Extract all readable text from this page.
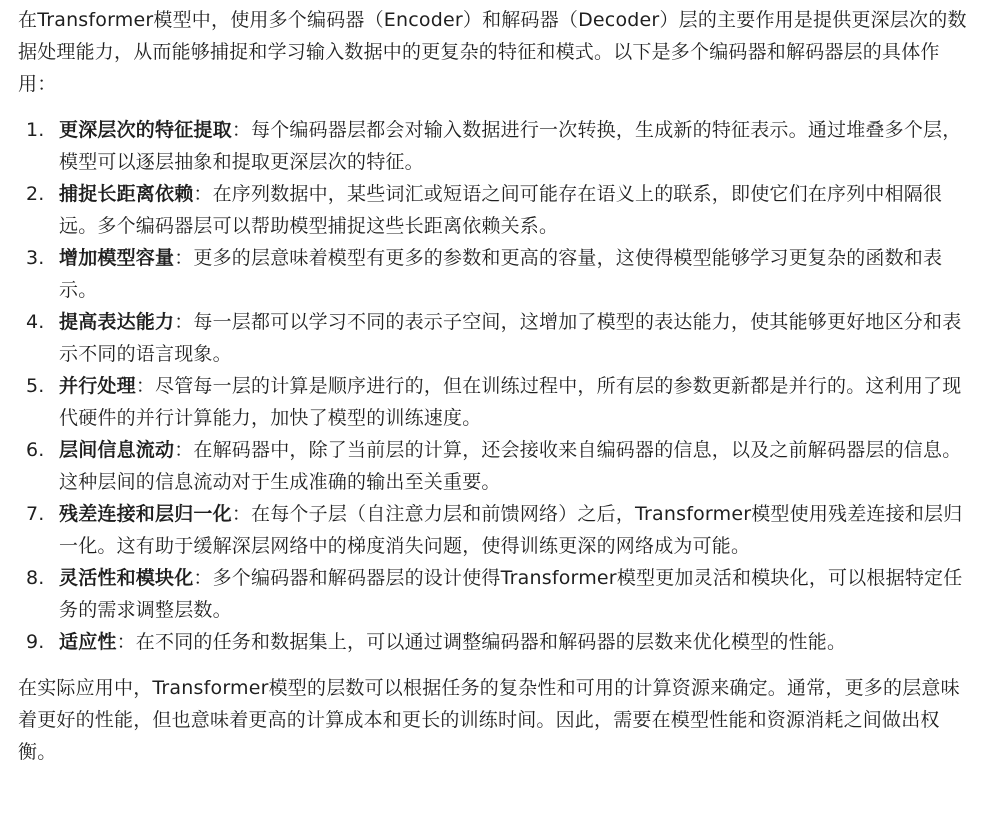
在Transformer模型中，使用多个编码器（Encoder）和解码器（Decoder）层的主要作用是提供更深层次的数据处理能力，从而能够捕捉和学习输入数据中的更复杂的特征和模式。以下是多个编码器和解码器层的具体作用：

1. 更深层次的特征提取：每个编码器层都会对输入数据进行一次转换，生成新的特征表示。通过堆叠多个层，模型可以逐层抽象和提取更深层次的特征。
2. 捕捉长距离依赖：在序列数据中，某些词汇或短语之间可能存在语义上的联系，即使它们在序列中相隔很远。多个编码器层可以帮助模型捕捉这些长距离依赖关系。
3. 增加模型容量：更多的层意味着模型有更多的参数和更高的容量，这使得模型能够学习更复杂的函数和表示。
4. 提高表达能力：每一层都可以学习不同的表示子空间，这增加了模型的表达能力，使其能够更好地区分和表示不同的语言现象。
5. 并行处理：尽管每一层的计算是顺序进行的，但在训练过程中，所有层的参数更新都是并行的。这利用了现代硬件的并行计算能力，加快了模型的训练速度。
6. 层间信息流动：在解码器中，除了当前层的计算，还会接收来自编码器的信息，以及之前解码器层的信息。这种层间的信息流动对于生成准确的输出至关重要。
7. 残差连接和层归一化：在每个子层（自注意力层和前馈网络）之后，Transformer模型使用残差连接和层归一化。这有助于缓解深层网络中的梯度消失问题，使得训练更深的网络成为可能。
8. 灵活性和模块化：多个编码器和解码器层的设计使得Transformer模型更加灵活和模块化，可以根据特定任务的需求调整层数。
9. 适应性：在不同的任务和数据集上，可以通过调整编码器和解码器的层数来优化模型的性能。

在实际应用中，Transformer模型的层数可以根据任务的复杂性和可用的计算资源来确定。通常，更多的层意味着更好的性能，但也意味着更高的计算成本和更长的训练时间。因此，需要在模型性能和资源消耗之间做出权衡。
